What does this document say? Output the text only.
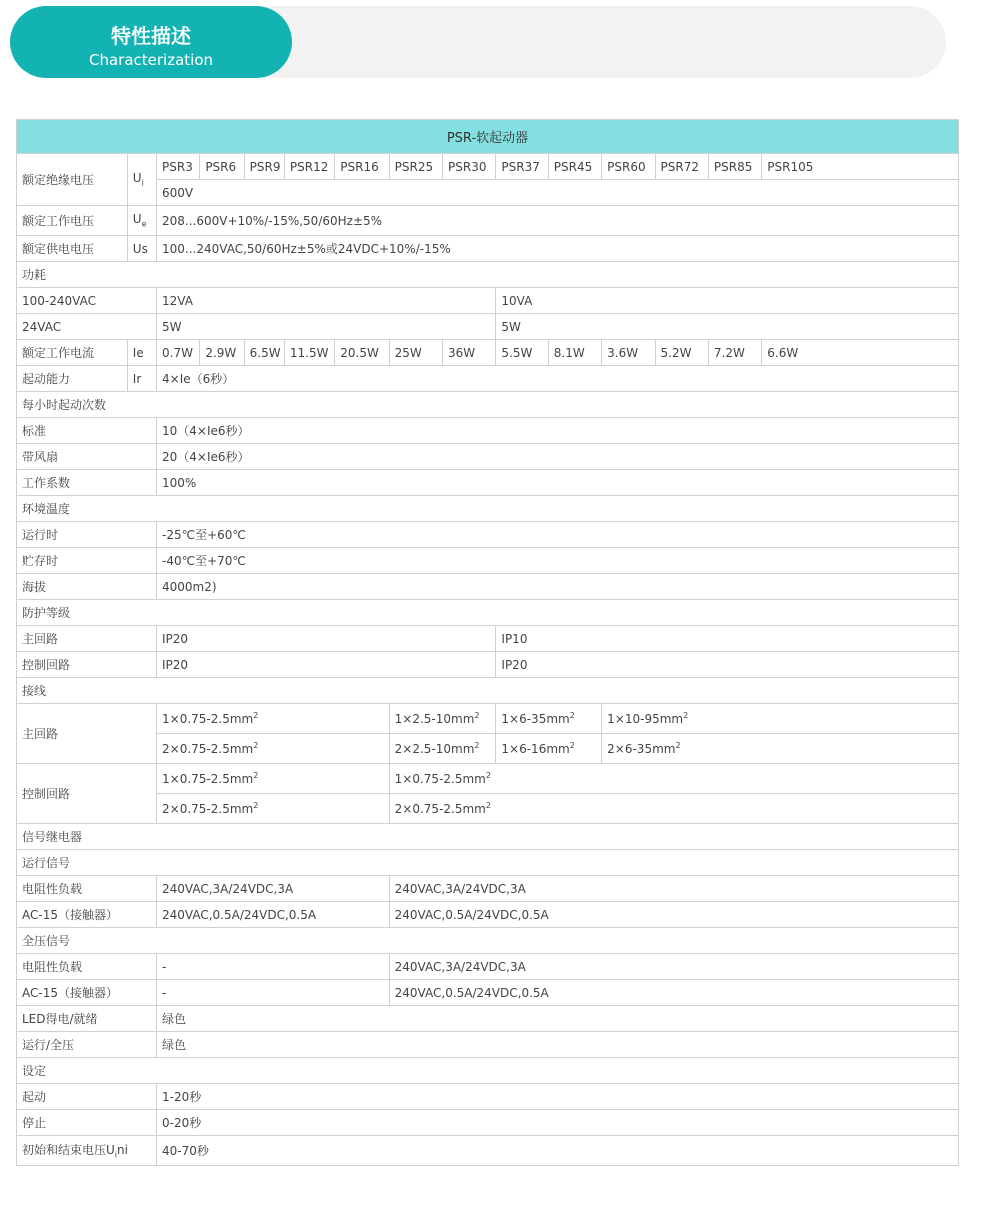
特性描述
Characterization
PSR-软起动器														
额定绝缘电压	$U_i$	PSR3	PSR6	PSR9	PSR12	PSR16	PSR25	PSR30	PSR37	PSR45	PSR60	PSR72	PSR85	PSR105
		600V												
额定工作电压	$U_e$	208...600V+10%/-15%,50/60Hz±5%												
额定供电电压	Us	100...240VAC,50/60Hz±5%或24VDC+10%/-15%												
功耗														
100-240VAC		12VA							10VA					
24VAC		5W							5W					
额定工作电流	Ie	0.7W	2.9W	6.5W	11.5W	20.5W	25W	36W	5.5W	8.1W	3.6W	5.2W	7.2W	6.6W
起动能力	Ir	4×Ie（6秒）												
每小时起动次数														
标准		10（4×Ie6秒）												
带风扇		20（4×Ie6秒）												
工作系数		100%												
环境温度														
运行时		-25℃至+60℃												
贮存时		-40℃至+70℃												
海拔		4000m2)												
防护等级														
主回路		IP20							IP10					
控制回路		IP20							IP20					
接线														
主回路		$1\times 0.75-2.5mm^2$					$1\times 2.5-10mm^2$		$1\times 6-35mm^2$		$1\times 10-95mm^2$
		$2\times 0.75-2.5mm^2$					$2\times 2.5-10mm^2$		$1\times 6-16mm^2$		$2\times 6-35mm^2$
控制回路		$1\times 0.75-2.5mm^2$					$1\times 0.75-2.5mm^2$
		$2\times 0.75-2.5mm^2$					$2\times 0.75-2.5mm^2$
信号继电器														
运行信号														
电阻性负载		240VAC,3A/24VDC,3A					240VAC,3A/24VDC,3A							
AC-15（接触器）		240VAC,0.5A/24VDC,0.5A					240VAC,0.5A/24VDC,0.5A							
全压信号														
电阻性负载		-					240VAC,3A/24VDC,3A							
AC-15（接触器）		-					240VAC,0.5A/24VDC,0.5A							
LED得电/就绪		绿色												
运行/全压		绿色												
设定														
起动		1-20秒												
停止		0-20秒												
初始和结束电压$U_ini$		40-70秒												
